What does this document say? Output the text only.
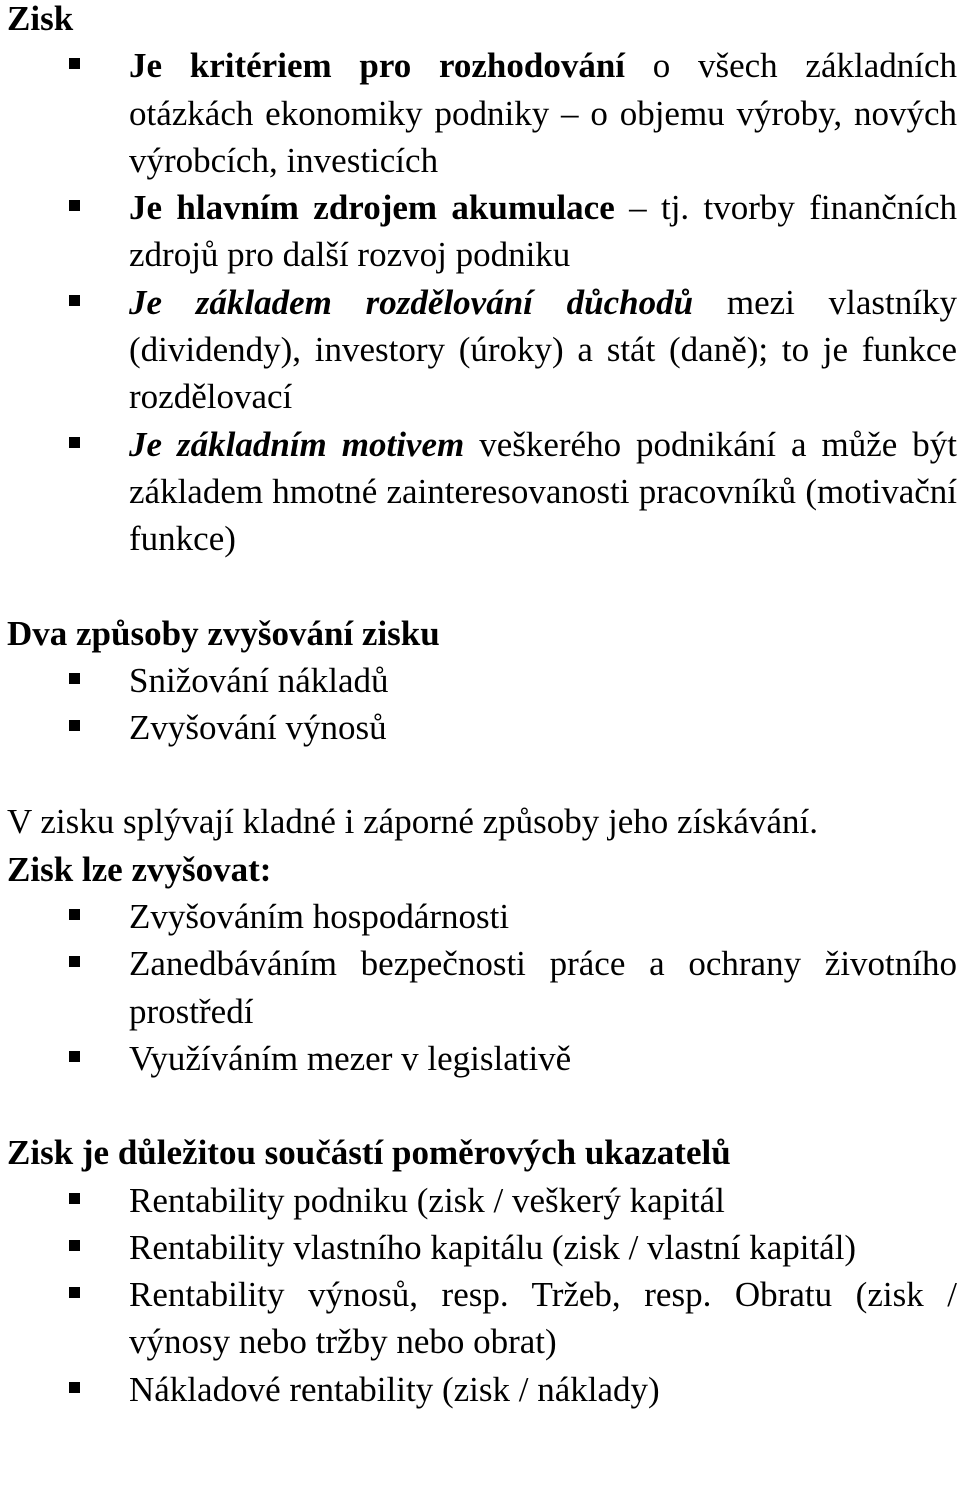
Zisk

Je kritériem pro rozhodování o všech základních otázkách ekonomiky podniky – o objemu výroby, nových výrobcích, investicích
Je hlavním zdrojem akumulace – tj. tvorby finančních zdrojů pro další rozvoj podniku
Je základem rozdělování důchodů mezi vlastníky (dividendy), investory (úroky) a stát (daně); to je funkce rozdělovací
Je základním motivem veškerého podnikání a může být základem hmotné zainteresovanosti pracovníků (motivační funkce)

Dva způsoby zvyšování zisku

Snižování nákladů
Zvyšování výnosů

V zisku splývají kladné i záporné způsoby jeho získávání.

Zisk lze zvyšovat:

Zvyšováním hospodárnosti
Zanedbáváním bezpečnosti práce a ochrany životního prostředí
Využíváním mezer v legislativě

Zisk je důležitou součástí poměrových ukazatelů

Rentability podniku (zisk / veškerý kapitál
Rentability vlastního kapitálu (zisk / vlastní kapitál)
Rentability výnosů, resp. Tržeb, resp. Obratu (zisk / výnosy nebo tržby nebo obrat)
Nákladové rentability (zisk / náklady)
